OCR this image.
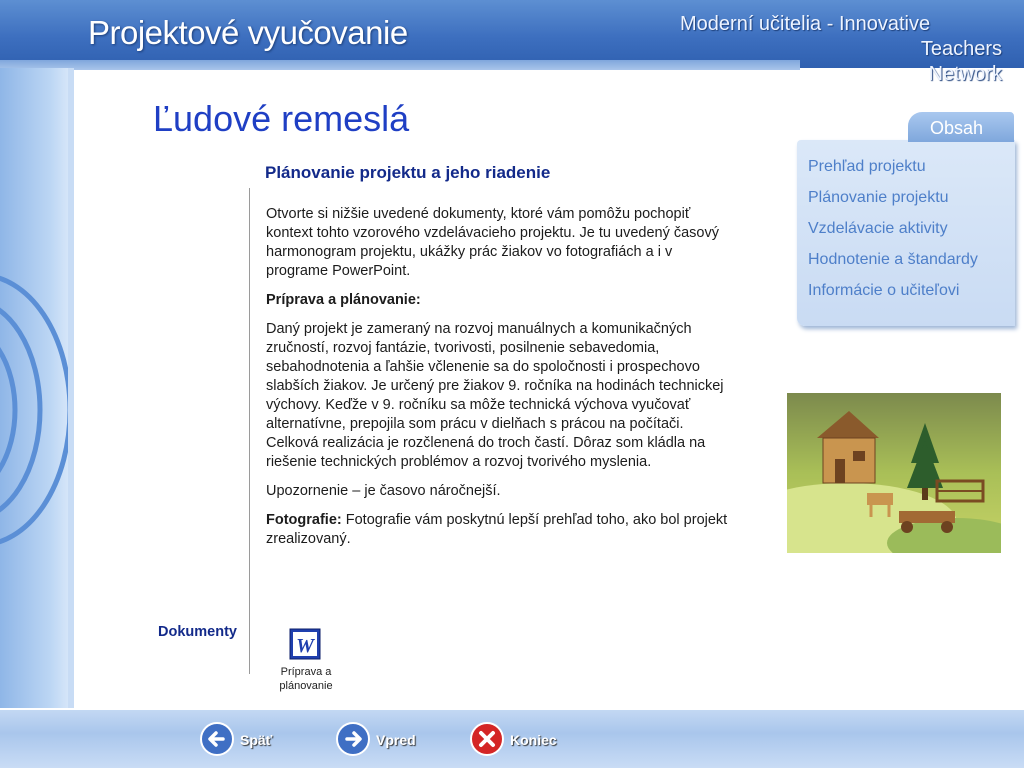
Projektové vyučovanie	Moderní učitelia - Innovative
Teachers
Network
Ľudové remeslá	Obsah
Prehľad projektu
Plánovanie projektu
Vzdelávacie aktivity
Hodnotenie a štandardy
Informácie o učiteľovi
Plánovanie projektu a jeho riadenie

Otvorte si nižšie uvedené dokumenty, ktoré vám pomôžu pochopiť kontext tohto vzorového vzdelávacieho projektu. Je tu uvedený časový harmonogram projektu, ukážky prác žiakov vo fotografiách a i v programe PowerPoint.

Príprava a plánovanie:

Daný projekt je zameraný na rozvoj manuálnych a komunikačných zručností, rozvoj fantázie, tvorivosti, posilnenie sebavedomia, sebahodnotenia a ľahšie včlenenie sa do spoločnosti i prospechovo slabších žiakov. Je určený pre žiakov 9. ročníka na hodinách technickej výchovy. Keďže v 9. ročníku sa môže technická výchova vyučovať alternatívne, prepojila som prácu v dielňach s prácou na počítači. Celková realizácia je rozčlenená do troch častí. Dôraz som kládla na riešenie technických problémov a rozvoj tvorivého myslenia.

Upozornenie – je časovo náročnejší.

Fotografie: Fotografie vám poskytnú lepší prehľad toho, ako bol projekt zrealizovaný.

Dokumenty
W
Príprava a plánovanie
Späť	Vpred	Koniec
